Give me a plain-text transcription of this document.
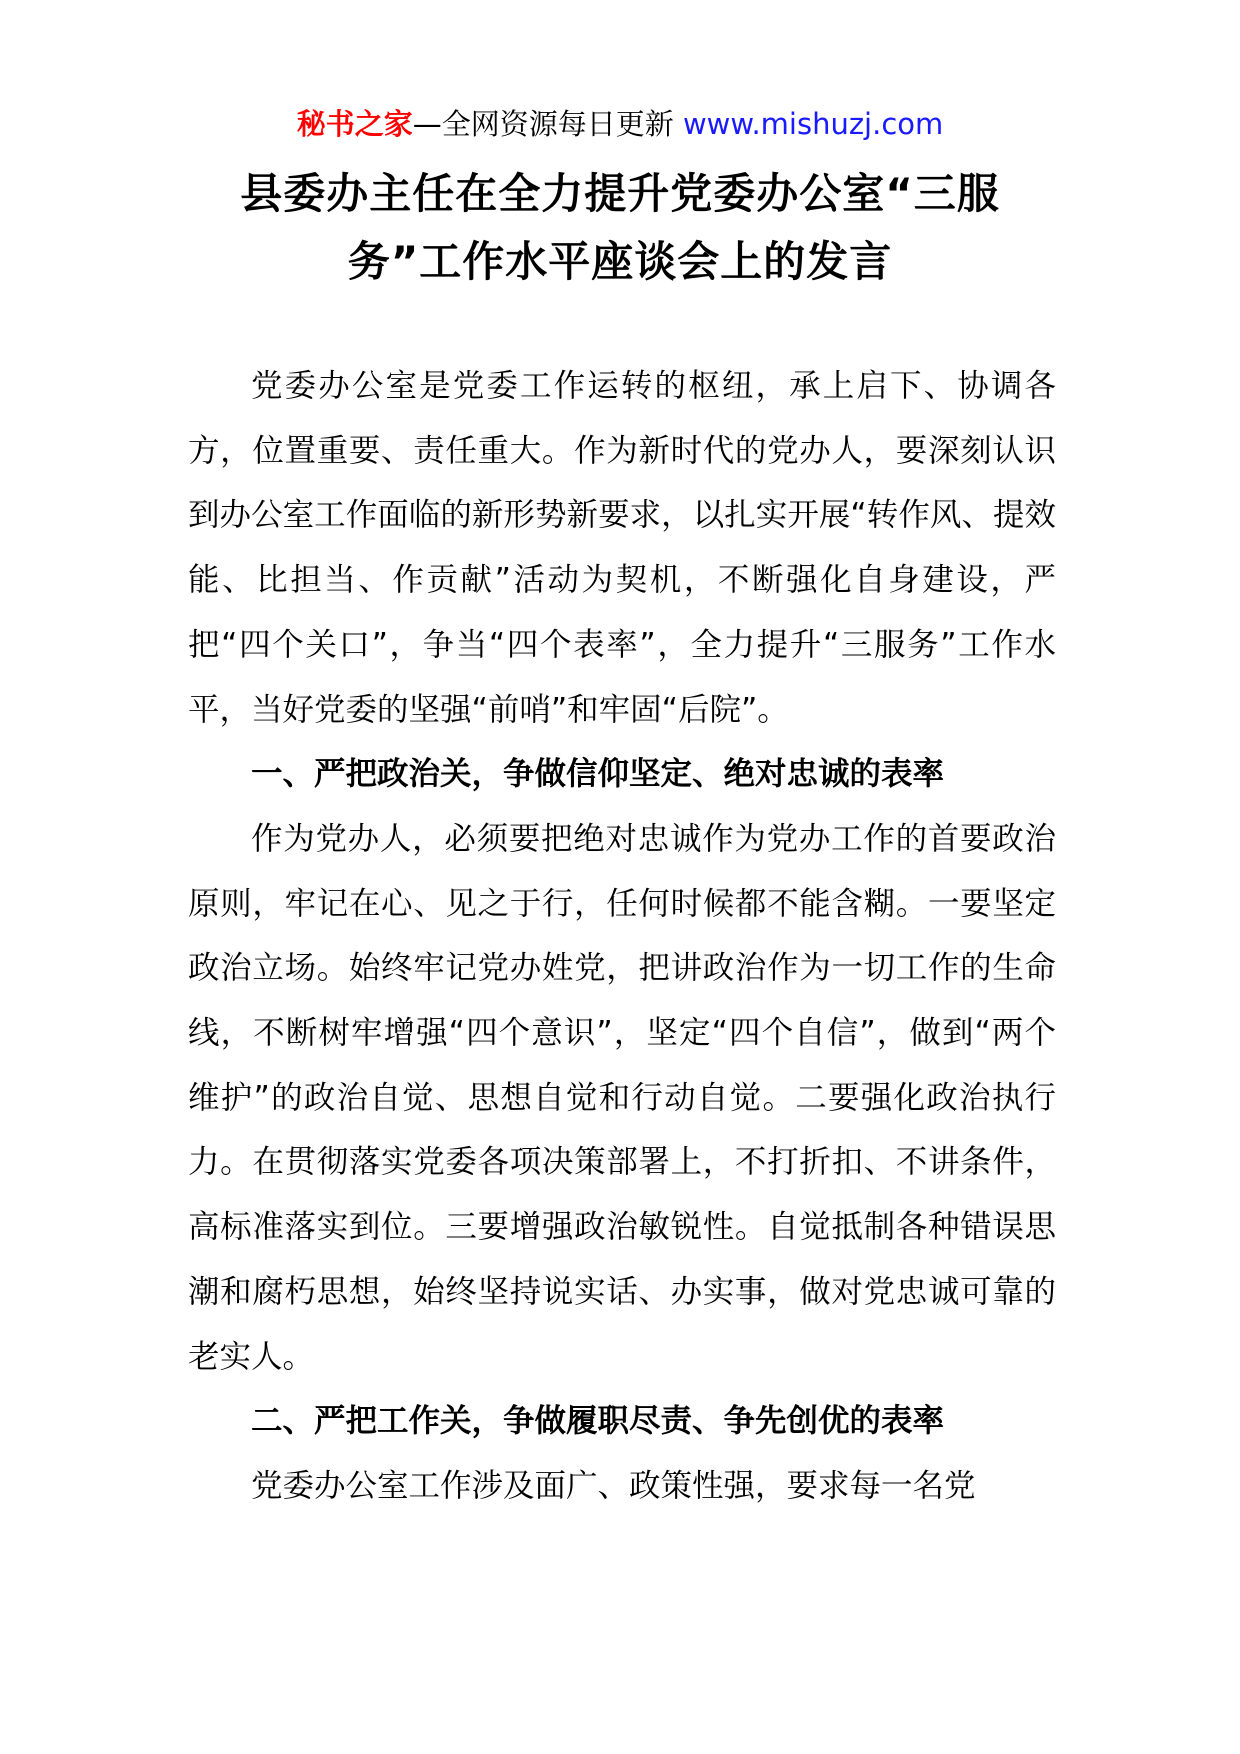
秘书之家—全网资源每日更新 www.mishuzj.com
县委办主任在全力提升党委办公室“三服
务”工作水平座谈会上的发言

党委办公室是党委工作运转的枢纽，承上启下、协调各方，位置重要、责任重大。作为新时代的党办人，要深刻认识到办公室工作面临的新形势新要求，以扎实开展“转作风、提效能、比担当、作贡献”活动为契机，不断强化自身建设，严把“四个关口”，争当“四个表率”，全力提升“三服务”工作水平，当好党委的坚强“前哨”和牢固“后院”。

一、严把政治关，争做信仰坚定、绝对忠诚的表率

作为党办人，必须要把绝对忠诚作为党办工作的首要政治原则，牢记在心、见之于行，任何时候都不能含糊。一要坚定政治立场。始终牢记党办姓党，把讲政治作为一切工作的生命线，不断树牢增强“四个意识”，坚定“四个自信”，做到“两个维护”的政治自觉、思想自觉和行动自觉。二要强化政治执行力。在贯彻落实党委各项决策部署上，不打折扣、不讲条件，高标准落实到位。三要增强政治敏锐性。自觉抵制各种错误思潮和腐朽思想，始终坚持说实话、办实事，做对党忠诚可靠的老实人。

二、严把工作关，争做履职尽责、争先创优的表率

党委办公室工作涉及面广、政策性强，要求每一名党
